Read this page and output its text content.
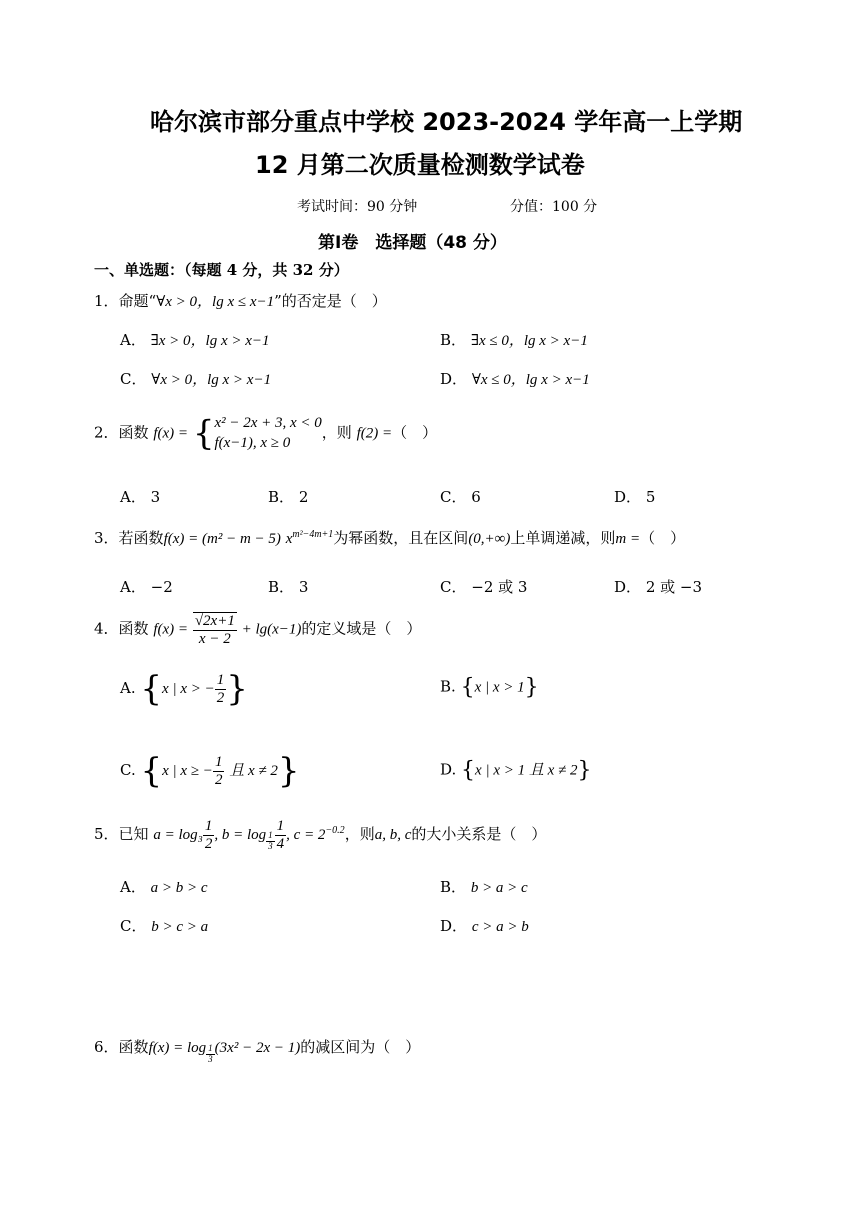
哈尔滨市部分重点中学校 2023-2024 学年高一上学期
12 月第二次质量检测数学试卷
考试时间：90 分钟	分值：100 分
第Ⅰ卷　选择题（48 分）
一、单选题：（每题 4 分，共 32 分）
1．命题“∀x > 0，lg x ≤ x−1”的否定是（　）
A． ∃x > 0，lg x > x−1	B． ∃x ≤ 0，lg x > x−1
C． ∀x > 0，lg x > x−1	D． ∀x ≤ 0，lg x > x−1
2．函数 f(x) = { x² − 2x + 3, x < 0
f(x−1), x ≥ 0
，则 f(2) =（　）
A． 3	B． 2	C． 6	D． 5
3．若函数f(x) = (m² − m − 5) $x^{m^2-4m+1}$为幂函数，且在区间(0,+∞)上单调递减，则m =（　）
A． −2	B． 3	C． −2 或 3	D． 2 或 −3
4．函数 $f(x) = \frac{√2x+1}{x - 2} + \lg(x-1)$的定义域是（　）
A. {x | x > − $\frac{1}{2}$ }	B. {x | x > 1}
C. {x | x ≥ − $\frac{1}{2}$ 且 x ≠ 2}	D. {x | x > 1 且 x ≠ 2}
5．已知 $a = \log_3 \frac{1}{2}$ , $b = \log _{\frac{1}{3}} \frac{1}{4}$ , $c = 2^{-0.2}$，则a, b, c的大小关系是（　）
A． a > b > c	B． b > a > c
C． b > c > a	D． c > a > b
6．函数f(x) = log $_{\frac{1}{3}}$ (3x² − 2x − 1)的减区间为（　）
